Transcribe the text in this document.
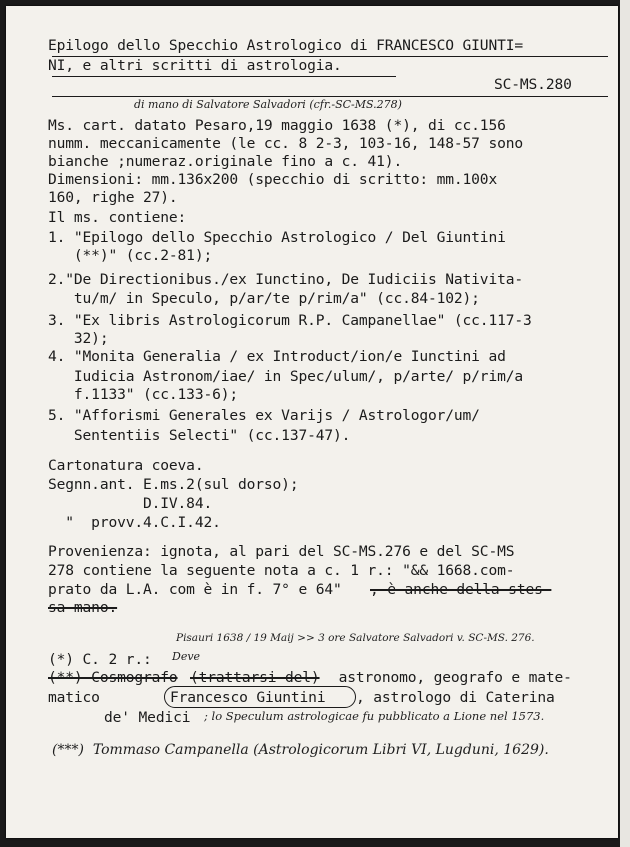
Epilogo dello Specchio Astrologico di FRANCESCO GIUNTI=
NI, e altri scritti di astrologia.
SC-MS.280
di mano di Salvatore Salvadori (cfr.-SC-MS.278)
Ms. cart. datato Pesaro,19 maggio 1638 (*), di cc.156
numm. meccanicamente (le cc. 8 2-3, 103-16, 148-57 sono
bianche ;numeraz.originale fino a c. 41).
Dimensioni: mm.136x200 (specchio di scritto: mm.100x
160, righe 27).
Il ms. contiene:
1. "Epilogo dello Specchio Astrologico / Del Giuntini
(**)" (cc.2-81);
2."De Directionibus./ex Iunctino, De Iudiciis Nativita-
tu/m/ in Speculo, p/ar/te p/rim/a" (cc.84-102);
3. "Ex libris Astrologicorum R.P. Campanellae" (cc.117-3
32);
4. "Monita Generalia / ex Introduct/ion/e Iunctini ad
Iudicia Astronom/iae/ in Spec/ulum/, p/arte/ p/rim/a
f.1133" (cc.133-6);
5. "Afforismi Generales ex Varijs / Astrologor/um/
Sententiis Selecti" (cc.137-47).
Cartonatura coeva.
Segnn.ant. E.ms.2(sul dorso);
D.IV.84.
"  provv.4.C.I.42.
Provenienza: ignota, al pari del SC-MS.276 e del SC-MS
278 contiene la seguente nota a c. 1 r.: "&& 1668.com-
prato da L.A. com è in f. 7° e 64" , è anche della stes-
sa mano.
Pisauri 1638 / 19 Maij >> 3 ore Salvatore Salvadori v. SC-MS. 276.
(*) C. 2 r.: Deve
(**) Cosmografo (trattarsi del) astronomo, geografo e mate-
matico	Francesco Giuntini , astrologo di Caterina
de' Medici ; lo Speculum astrologicae fu pubblicato a Lione nel 1573.
(***)  Tommaso Campanella (Astrologicorum Libri VI, Lugduni, 1629).
